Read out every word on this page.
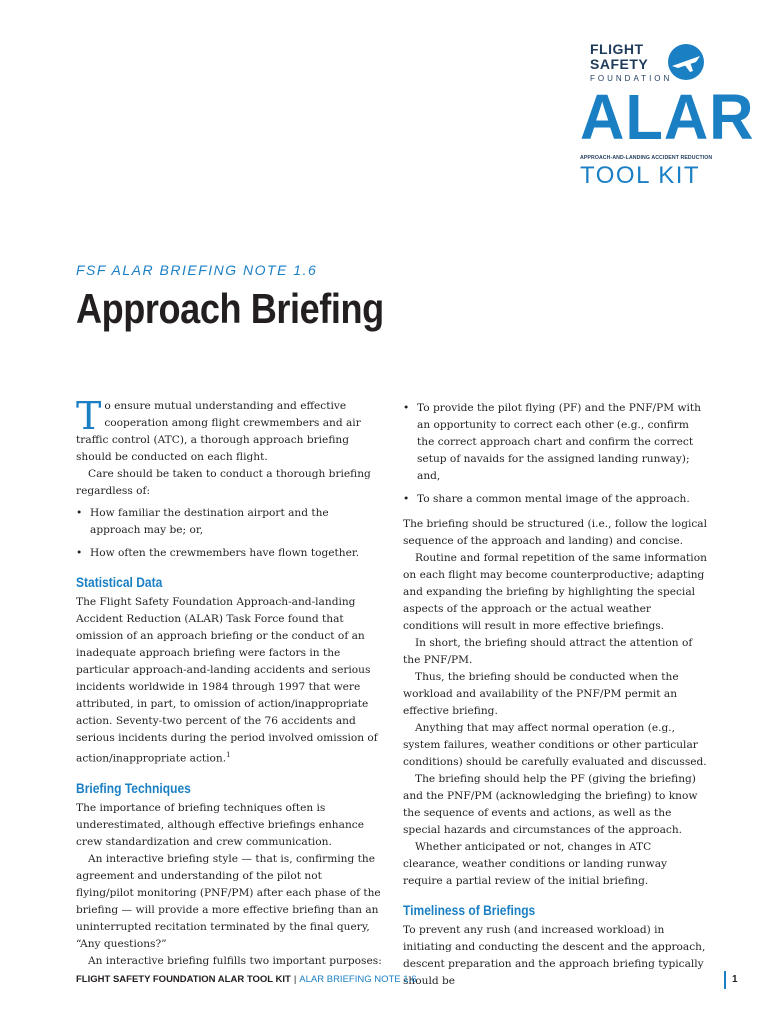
FLIGHT
SAFETY
FOUNDATION
ALAR
APPROACH-AND-LANDING ACCIDENT REDUCTION
TOOL KIT
FSF ALAR BRIEFING NOTE 1.6
Approach Briefing

To ensure mutual understanding and effective cooperation among flight crewmembers and air traffic control (ATC), a thorough approach briefing should be conducted on each flight.

Care should be taken to conduct a thorough briefing regardless of:

• How familiar the destination airport and the approach may be; or,
• How often the crewmembers have flown together.
Statistical Data

The Flight Safety Foundation Approach-and-landing Accident Reduction (ALAR) Task Force found that omission of an approach briefing or the conduct of an inadequate approach briefing were factors in the particular approach-and-landing accidents and serious incidents worldwide in 1984 through 1997 that were attributed, in part, to omission of action/inappropriate action. Seventy-two percent of the 76 accidents and serious incidents during the period involved omission of action/inappropriate action.$^1$

Briefing Techniques

The importance of briefing techniques often is underestimated, although effective briefings enhance crew standardization and crew communication.

An interactive briefing style — that is, confirming the agreement and understanding of the pilot not flying/pilot monitoring (PNF/PM) after each phase of the briefing — will provide a more effective briefing than an uninterrupted recitation terminated by the final query, “Any questions?”

An interactive briefing fulfills two important purposes:

• To provide the pilot flying (PF) and the PNF/PM with an opportunity to correct each other (e.g., confirm the correct approach chart and confirm the correct setup of navaids for the assigned landing runway); and,
• To share a common mental image of the approach.

The briefing should be structured (i.e., follow the logical sequence of the approach and landing) and concise.

Routine and formal repetition of the same information on each flight may become counterproductive; adapting and expanding the briefing by highlighting the special aspects of the approach or the actual weather conditions will result in more effective briefings.

In short, the briefing should attract the attention of the PNF/PM.

Thus, the briefing should be conducted when the workload and availability of the PNF/PM permit an effective briefing.

Anything that may affect normal operation (e.g., system failures, weather conditions or other particular conditions) should be carefully evaluated and discussed.

The briefing should help the PF (giving the briefing) and the PNF/PM (acknowledging the briefing) to know the sequence of events and actions, as well as the special hazards and circumstances of the approach.

Whether anticipated or not, changes in ATC clearance, weather conditions or landing runway require a partial review of the initial briefing.

Timeliness of Briefings

To prevent any rush (and increased workload) in initiating and conducting the descent and the approach, descent preparation and the approach briefing typically should be

FLIGHT SAFETY FOUNDATION ALAR TOOL KIT | ALAR BRIEFING NOTE 1.6	1
